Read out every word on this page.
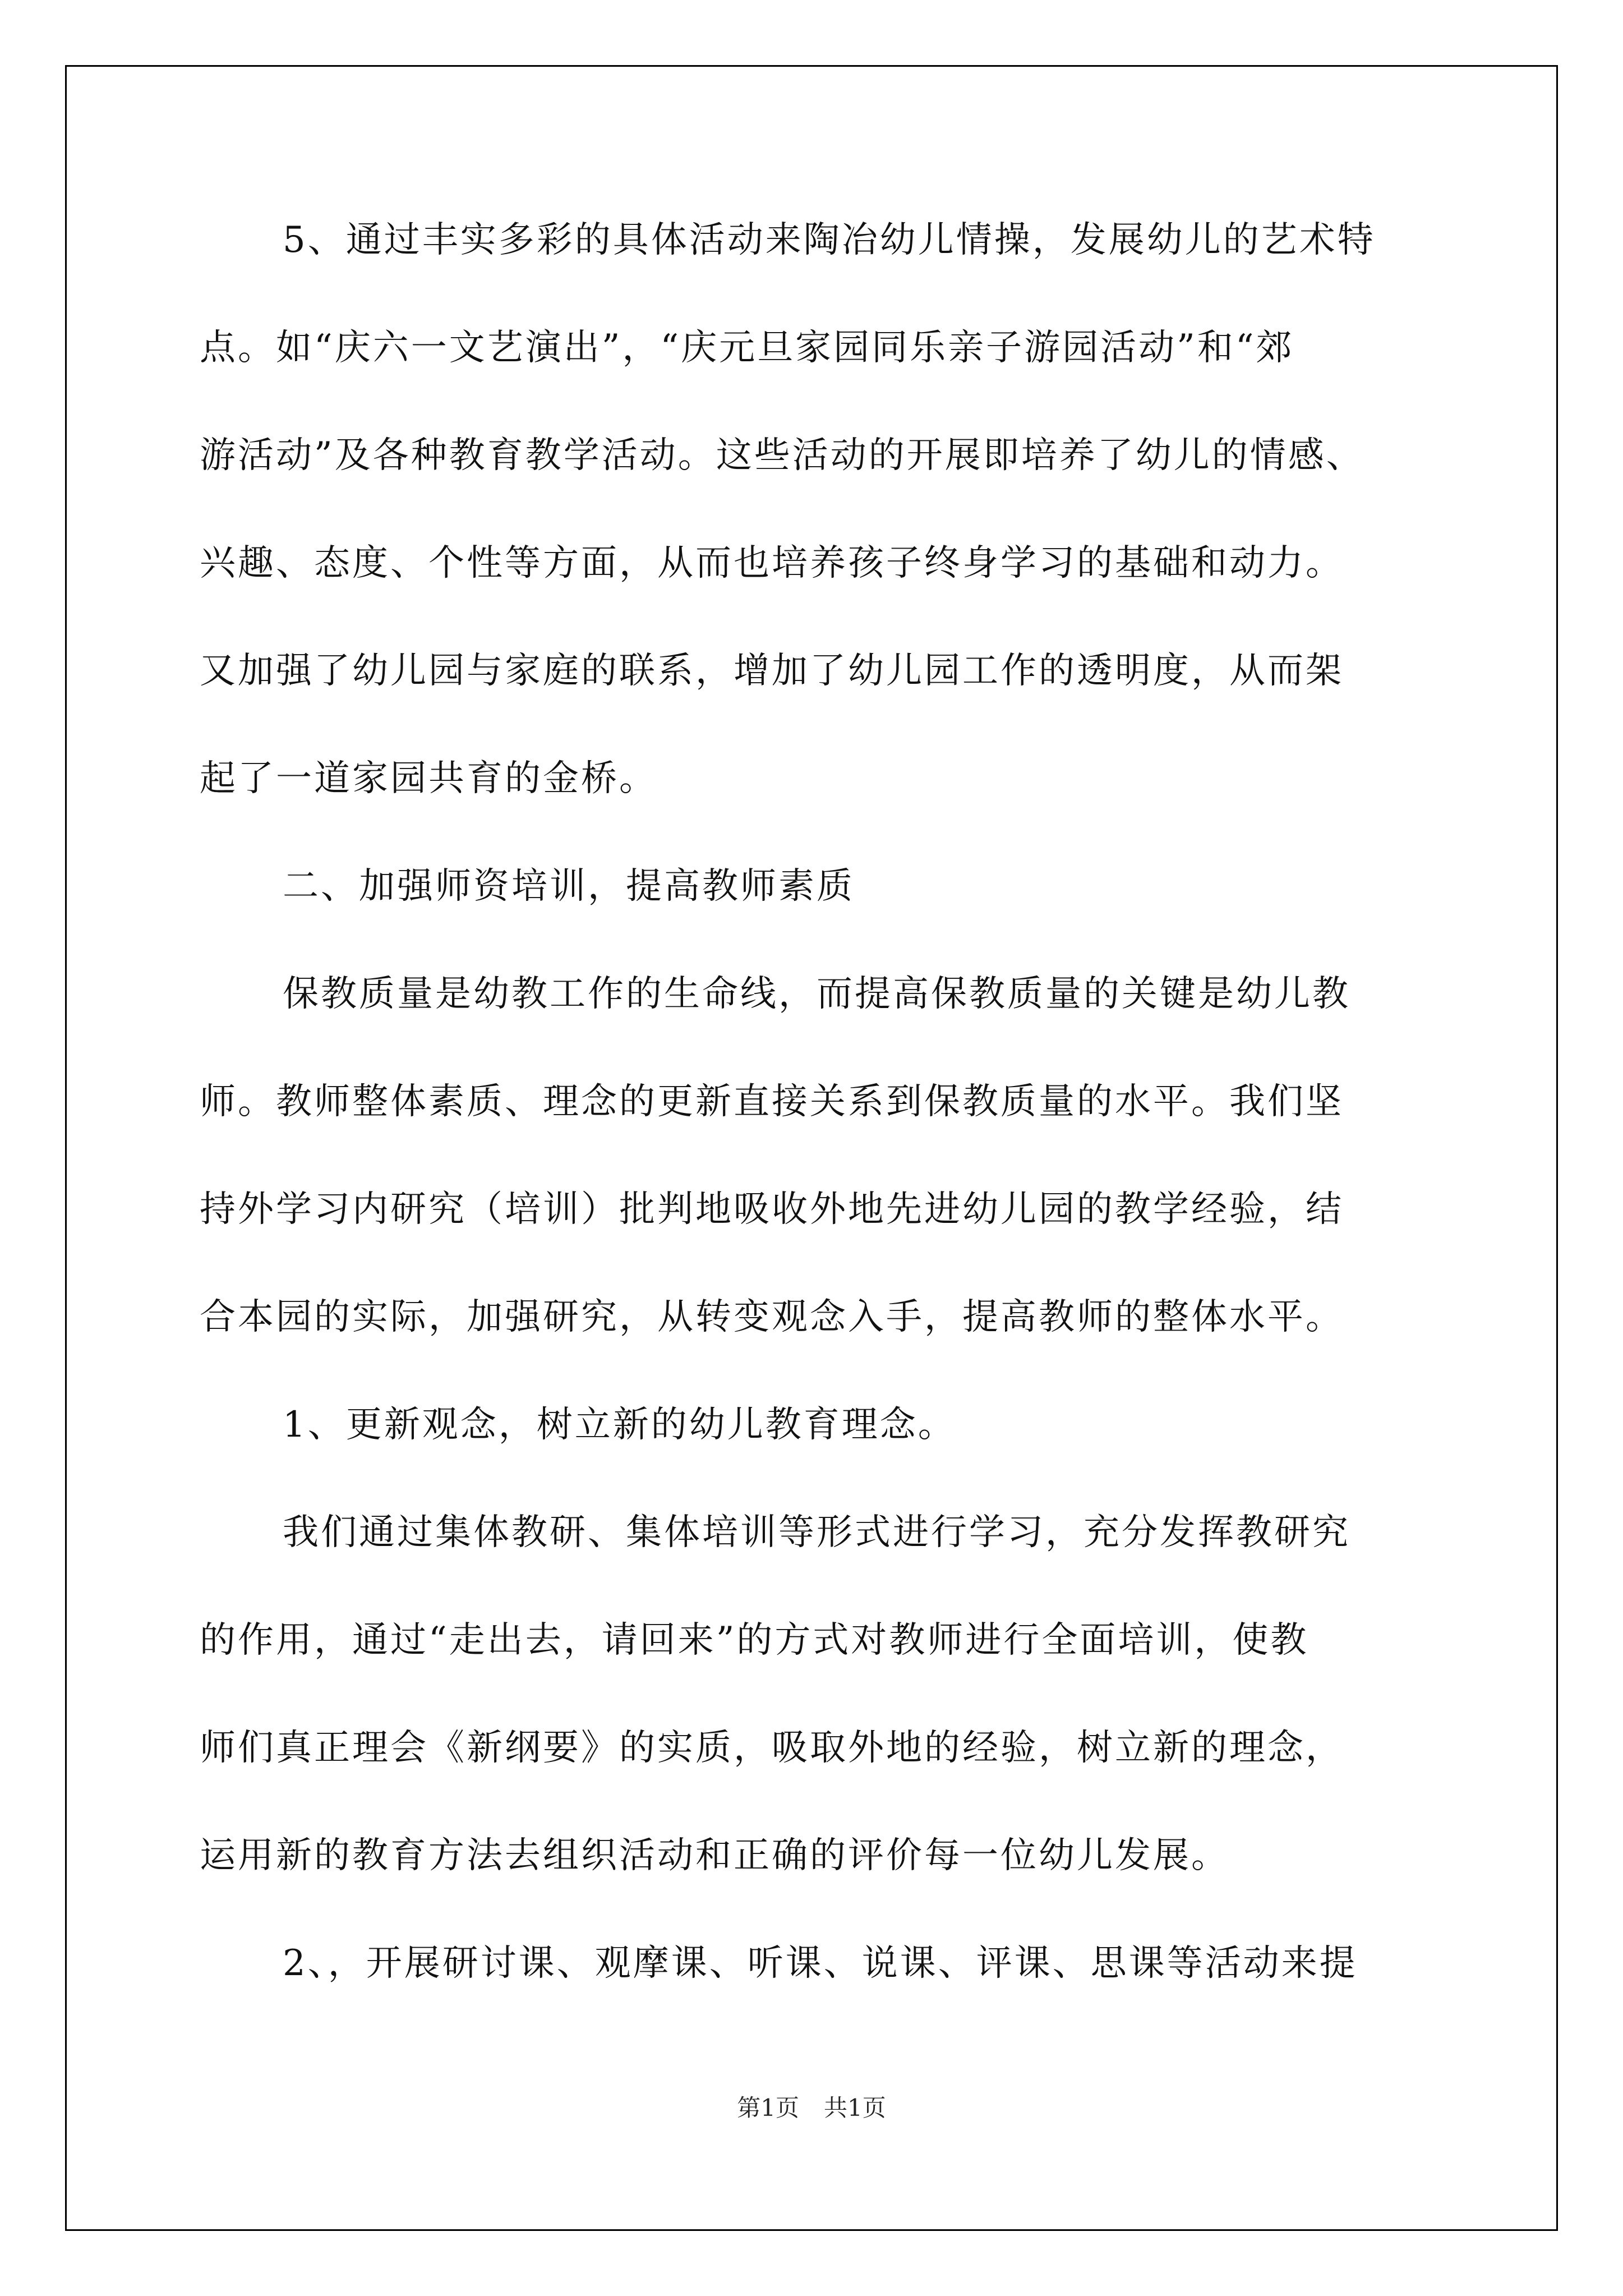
5、通过丰实多彩的具体活动来陶冶幼儿情操，发展幼儿的艺术特
点。如“庆六一文艺演出”，“庆元旦家园同乐亲子游园活动”和“郊
游活动”及各种教育教学活动。这些活动的开展即培养了幼儿的情感、
兴趣、态度、个性等方面，从而也培养孩子终身学习的基础和动力。
又加强了幼儿园与家庭的联系，增加了幼儿园工作的透明度，从而架
起了一道家园共育的金桥。
二、加强师资培训，提高教师素质
保教质量是幼教工作的生命线，而提高保教质量的关键是幼儿教
师。教师整体素质、理念的更新直接关系到保教质量的水平。我们坚
持外学习内研究（培训）批判地吸收外地先进幼儿园的教学经验，结
合本园的实际，加强研究，从转变观念入手，提高教师的整体水平。
1、更新观念，树立新的幼儿教育理念。
我们通过集体教研、集体培训等形式进行学习，充分发挥教研究
的作用，通过“走出去，请回来”的方式对教师进行全面培训，使教
师们真正理会《新纲要》的实质，吸取外地的经验，树立新的理念，
运用新的教育方法去组织活动和正确的评价每一位幼儿发展。
2、，开展研讨课、观摩课、听课、说课、评课、思课等活动来提
第1页 共1页
